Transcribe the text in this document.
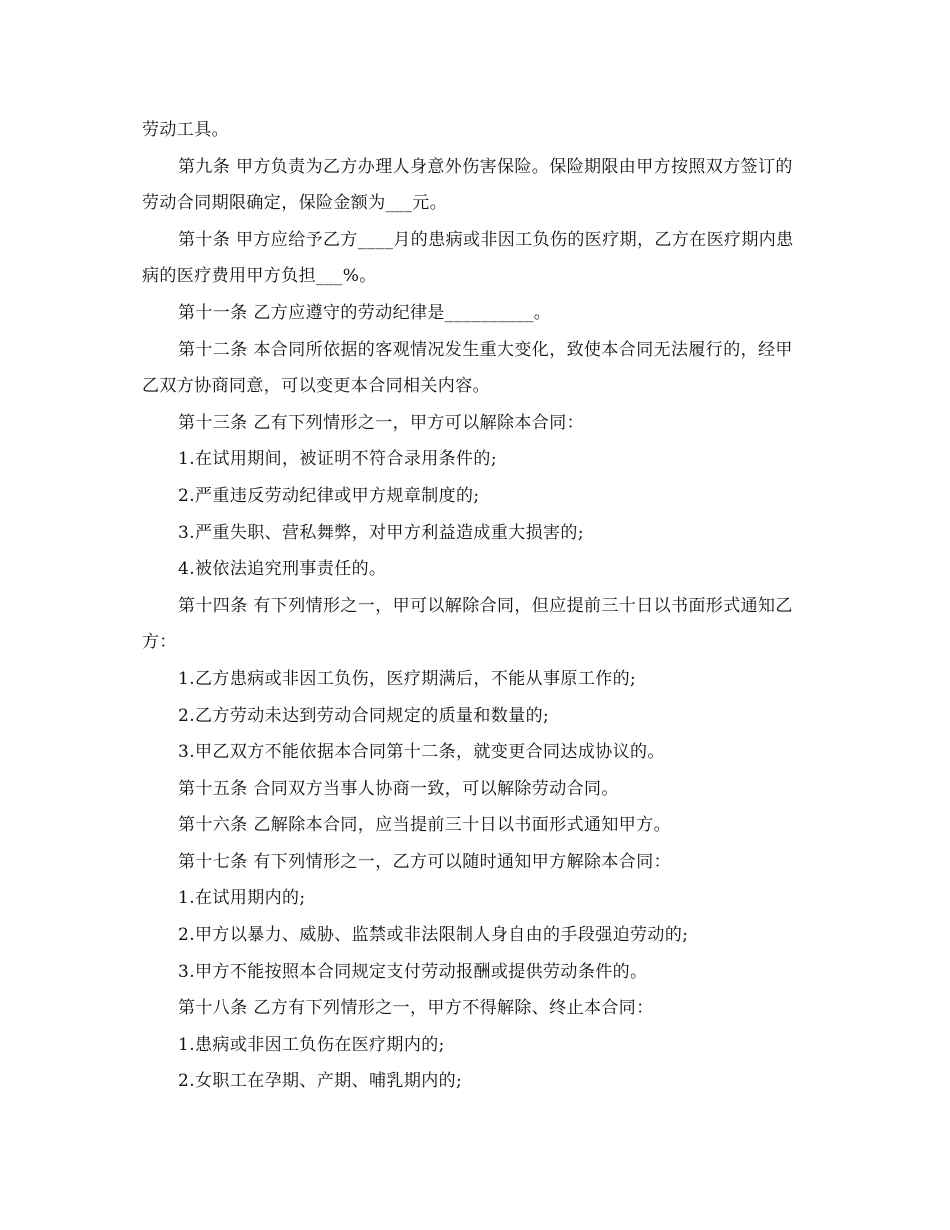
劳动工具。

第九条 甲方负责为乙方办理人身意外伤害保险。保险期限由甲方按照双方签订的劳动合同期限确定，保险金额为___元。

第十条 甲方应给予乙方____月的患病或非因工负伤的医疗期，乙方在医疗期内患病的医疗费用甲方负担___%。

第十一条 乙方应遵守的劳动纪律是__________。

第十二条 本合同所依据的客观情况发生重大变化，致使本合同无法履行的，经甲乙双方协商同意，可以变更本合同相关内容。

第十三条 乙有下列情形之一，甲方可以解除本合同：

1.在试用期间，被证明不符合录用条件的;

2.严重违反劳动纪律或甲方规章制度的;

3.严重失职、营私舞弊，对甲方利益造成重大损害的;

4.被依法追究刑事责任的。

第十四条 有下列情形之一，甲可以解除合同，但应提前三十日以书面形式通知乙方：

1.乙方患病或非因工负伤，医疗期满后，不能从事原工作的;

2.乙方劳动未达到劳动合同规定的质量和数量的;

3.甲乙双方不能依据本合同第十二条，就变更合同达成协议的。

第十五条 合同双方当事人协商一致，可以解除劳动合同。

第十六条 乙解除本合同，应当提前三十日以书面形式通知甲方。

第十七条 有下列情形之一，乙方可以随时通知甲方解除本合同：

1.在试用期内的;

2.甲方以暴力、威胁、监禁或非法限制人身自由的手段强迫劳动的;

3.甲方不能按照本合同规定支付劳动报酬或提供劳动条件的。

第十八条 乙方有下列情形之一，甲方不得解除、终止本合同：

1.患病或非因工负伤在医疗期内的;

2.女职工在孕期、产期、哺乳期内的;
